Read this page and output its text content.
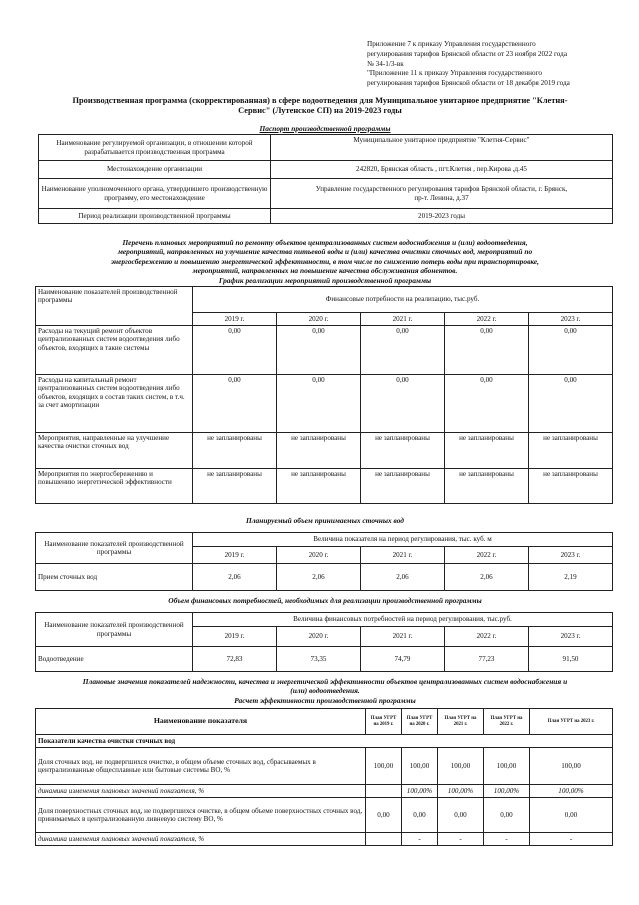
Приложение 7 к приказу Управления государственного
регулирования тарифов Брянской области от 23 ноября 2022 года
№ 34-1/3-вк
"Приложение 11 к приказу Управления государственного
регулирования тарифов Брянской области от 18 декабря 2019 года
Производственная программа (скорректированная) в сфере водоотведения для Муниципальное унитарное предприятие "Клетня-
Сервис" (Лутенское СП) на 2019-2023 годы
Паспорт производственной программы
Наименование регулируемой организации, в отношении которой разрабатывается производственная программа	Муниципальное унитарное предприятие "Клетня-Сервис"
Местонахождение организации	242820, Брянская область , пгт.Клетня , пер.Кирова ,д.45
Наименование уполномоченного органа, утвердившего производственную программу, его местонахождение	Управление государственного регулирования тарифов Брянской области, г. Брянск, пр-т. Ленина, д.37
Период реализации производственной программы	2019-2023 годы
Перечень плановых мероприятий по ремонту объектов централизованных систем водоснабжения и (или) водоотведения,
мероприятий, направленных на улучшение качества питьевой воды и (или) качества очистки сточных вод, мероприятий по
энергосбережению и повышению энергетической эффективности, в том числе по снижению потерь воды при транспортировке,
мероприятий, направленных на повышение качества обслуживания абонентов.
График реализации мероприятий производственной программы
Наименование показателей производственной программы	Финансовые потребности на реализацию, тыс.руб.				
	2019 г.	2020 г.	2021 г.	2022 г.	2023 г.
Расходы на текущий ремонт объектов централизованных систем водоотведения либо объектов, входящих в такие системы	0,00	0,00	0,00	0,00	0,00
Расходы на капитальный ремонт централизованных систем водоотведения либо объектов, входящих в состав таких систем, в т.ч. за счет амортизации	0,00	0,00	0,00	0,00	0,00
Мероприятия, направленные на улучшение качества очистки сточных вод	не запланированы	не запланированы	не запланированы	не запланированы	не запланированы
Мероприятия по энергосбережению и повышению энергетической эффективности	не запланированы	не запланированы	не запланированы	не запланированы	не запланированы
Планируемый объем принимаемых сточных вод
Наименование показателей производственной программы	Величина показателя на период регулирования, тыс. куб. м				
	2019 г.	2020 г.	2021 г.	2022 г.	2023 г.
Прием сточных вод	2,06	2,06	2,06	2,06	2,19
Объем финансовых потребностей, необходимых для реализации производственной программы
Наименование показателей производственной программы	Величина финансовых потребностей на период регулирования, тыс.руб.				
	2019 г.	2020 г.	2021 г.	2022 г.	2023 г.
Водоотведение	72,83	73,35	74,79	77,23	91,50
Плановые значения показателей надежности, качества и энергетической эффективности объектов централизованных систем водоснабжения и
(или) водоотведения.
Расчет эффективности производственной программы
Наименование показателя	План УГРТ на 2019 г.	План УГРТ на 2020 г.	План УГРТ на 2021 г.	План УГРТ на 2022 г.	План УГРТ на 2023 г.
Показатели качества очистки сточных вод					
Доля сточных вод, не подвергшихся очистке, в общем объеме сточных вод, сбрасываемых в централизованные общесплавные или бытовые системы ВО, %	100,00	100,00	100,00	100,00	100,00
динамика изменения плановых значений показателя, %		100,00%	100,00%	100,00%	100,00%
Доля поверхностных сточных вод, не подвергшихся очистке, в общем объеме поверхностных сточных вод, принимаемых в централизованную ливневую систему ВО, %	0,00	0,00	0,00	0,00	0,00
динамика изменения плановых значений показателя, %		-	-	-	-
